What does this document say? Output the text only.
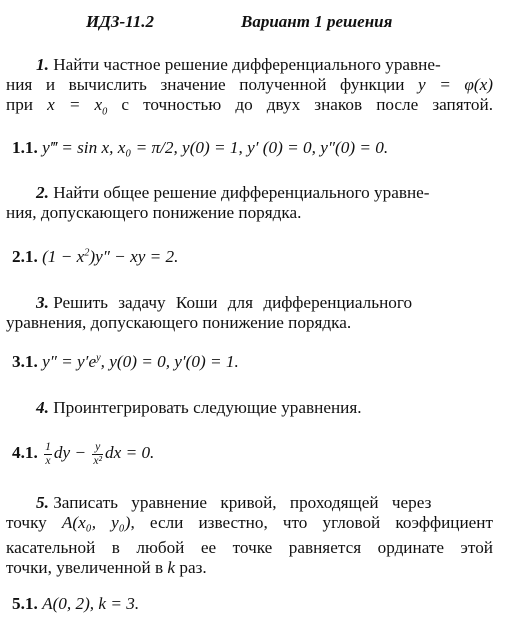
ИДЗ-11.2	Вариант 1 решения
1. Найти частное решение дифференциального уравне-
ния и вычислить значение полученной функции y = φ(x)
при $x = x_0$ с точностью до двух знаков после запятой.
1.1. y‴ = sin x, x₀ = π/2, y(0) = 1, y′ (0) = 0, y″(0) = 0.
2. Найти общее решение дифференциального уравне-
ния, допускающего понижение порядка.
2.1. $(1 - x^2)y''$ − xy = 2.
3. Решить задачу Коши для дифференциального
уравнения, допускающего понижение порядка.
3.1. $y'' = y'e^y$, y(0) = 0, y′(0) = 1.
4. Проинтегрировать следующие уравнения.
4.1. $\frac{1}{x}$ dy − $\frac{y}{\text{x²}}$ dx = 0.
5. Записать уравнение кривой, проходящей через
точку A(x₀, y₀), если известно, что угловой коэффициент
касательной в любой ее точке равняется ординате этой
точки, увеличенной в k раз.
5.1. A(0, 2), k = 3.
